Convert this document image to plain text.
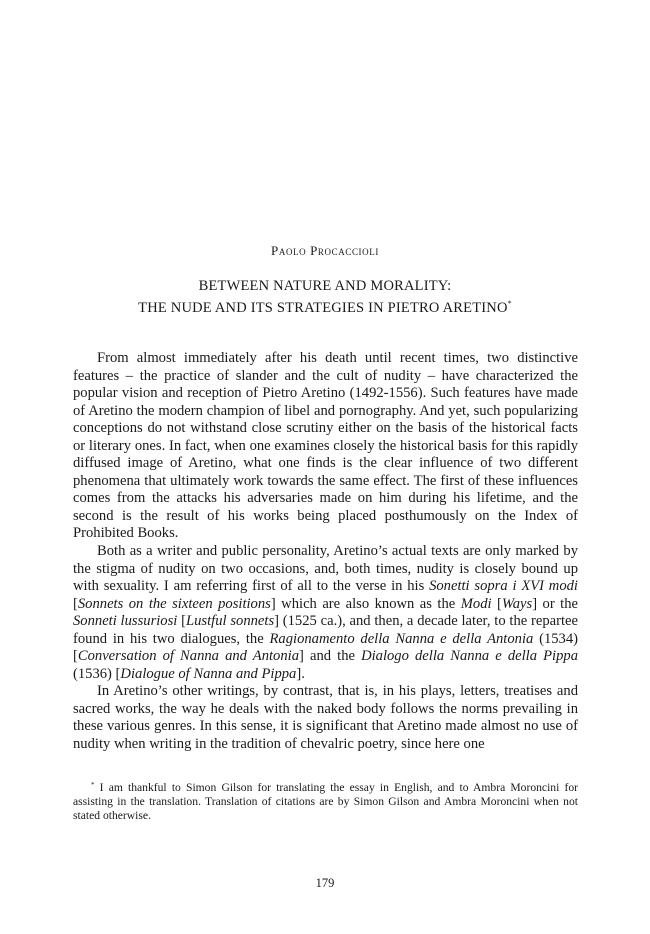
Paolo Procaccioli
BETWEEN NATURE AND MORALITY:
THE NUDE AND ITS STRATEGIES IN PIETRO ARETINO*

From almost immediately after his death until recent times, two distinctive features – the practice of slander and the cult of nudity – have characterized the popular vision and reception of Pietro Aretino (1492-1556). Such features have made of Aretino the modern champion of libel and pornography. And yet, such popularizing conceptions do not withstand close scrutiny either on the basis of the historical facts or literary ones. In fact, when one examines closely the historical basis for this rapidly diffused image of Aretino, what one finds is the clear influence of two different phenomena that ultimately work towards the same effect. The first of these influences comes from the attacks his adversaries made on him during his lifetime, and the second is the result of his works being placed posthumously on the Index of Prohibited Books.

Both as a writer and public personality, Aretino’s actual texts are only marked by the stigma of nudity on two occasions, and, both times, nudity is closely bound up with sexuality. I am referring first of all to the verse in his Sonetti sopra i XVI modi [Sonnets on the sixteen positions] which are also known as the Modi [Ways] or the Sonneti lussuriosi [Lustful sonnets] (1525 ca.), and then, a decade later, to the repartee found in his two dialogues, the Ragionamento della Nanna e della Antonia (1534) [Conversation of Nanna and Antonia] and the Dialogo della Nanna e della Pippa (1536) [Dialogue of Nanna and Pippa].

In Aretino’s other writings, by contrast, that is, in his plays, letters, treatises and sacred works, the way he deals with the naked body follows the norms prevailing in these various genres. In this sense, it is significant that Aretino made almost no use of nudity when writing in the tradition of chevalric poetry, since here one

* I am thankful to Simon Gilson for translating the essay in English, and to Ambra Moroncini for assisting in the translation. Translation of citations are by Simon Gilson and Ambra Moroncini when not stated otherwise.

179
